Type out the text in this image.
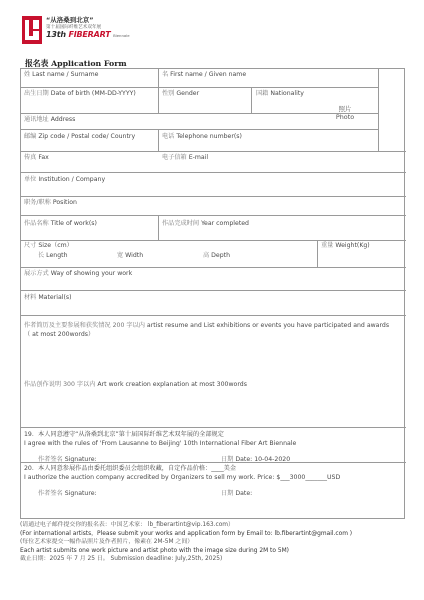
“从洛桑到北京”
第十届国际纤维艺术双年展
13th FIBERART Biennale
报名表 Application Form
姓 Last name / Surname	名 First name / Given name
照片
Photo
出生日期 Date of birth (MM-DD-YYYY)	性别 Gender	国籍 Nationality
通讯地址 Address
邮编 Zip code / Postal code/ Country	电话 Telephone number(s)
传真 Fax	电子信箱 E-mail
单位 Institution / Company
职务/职称 Position
作品名称 Title of work(s)	作品完成时间 Year completed
尺寸 Size（cm）	重量 Weight(Kg)
长 Length	宽 Width	高 Depth
展示方式 Way of showing your work
材料 Material(s)
作者简历及主要参展和获奖情况 200 字以内 artist resume and List exhibitions or events you have participated and awards
（ at most 200words）
作品创作说明 300 字以内 Art work creation explanation at most 300words
19．本人同意遵守“从洛桑到北京”第十届国际纤维艺术双年展的全部规定
I agree with the rules of 'From Lausanne to Beijing' 10th International Fiber Art Biennale
作者签名 Signature:	日期 Date: 10-04-2020
20．本人同意参展作品由委托组织委员会组织收藏，自定作品价格：____美金
I authorize the auction company accredited by Organizers to sell my work. Price: $___3000_______USD
作者签名 Signature:	日期 Date:
(请通过电子邮件提交你的报名表：中国艺术家： lb_fiberartint@vip.163.com）
(For international artists，Please submit your works and application form by Email to: lb.fiberartint@gmail.com )
(每位艺术家提交一幅作品照片及作者照片，像素在 2M-5M 之间）
Each artist submits one work picture and artist photo with the image size during 2M to 5M)
截止日期：2025 年 7 月 25 日。 Submission deadline: July,25th, 2025)
